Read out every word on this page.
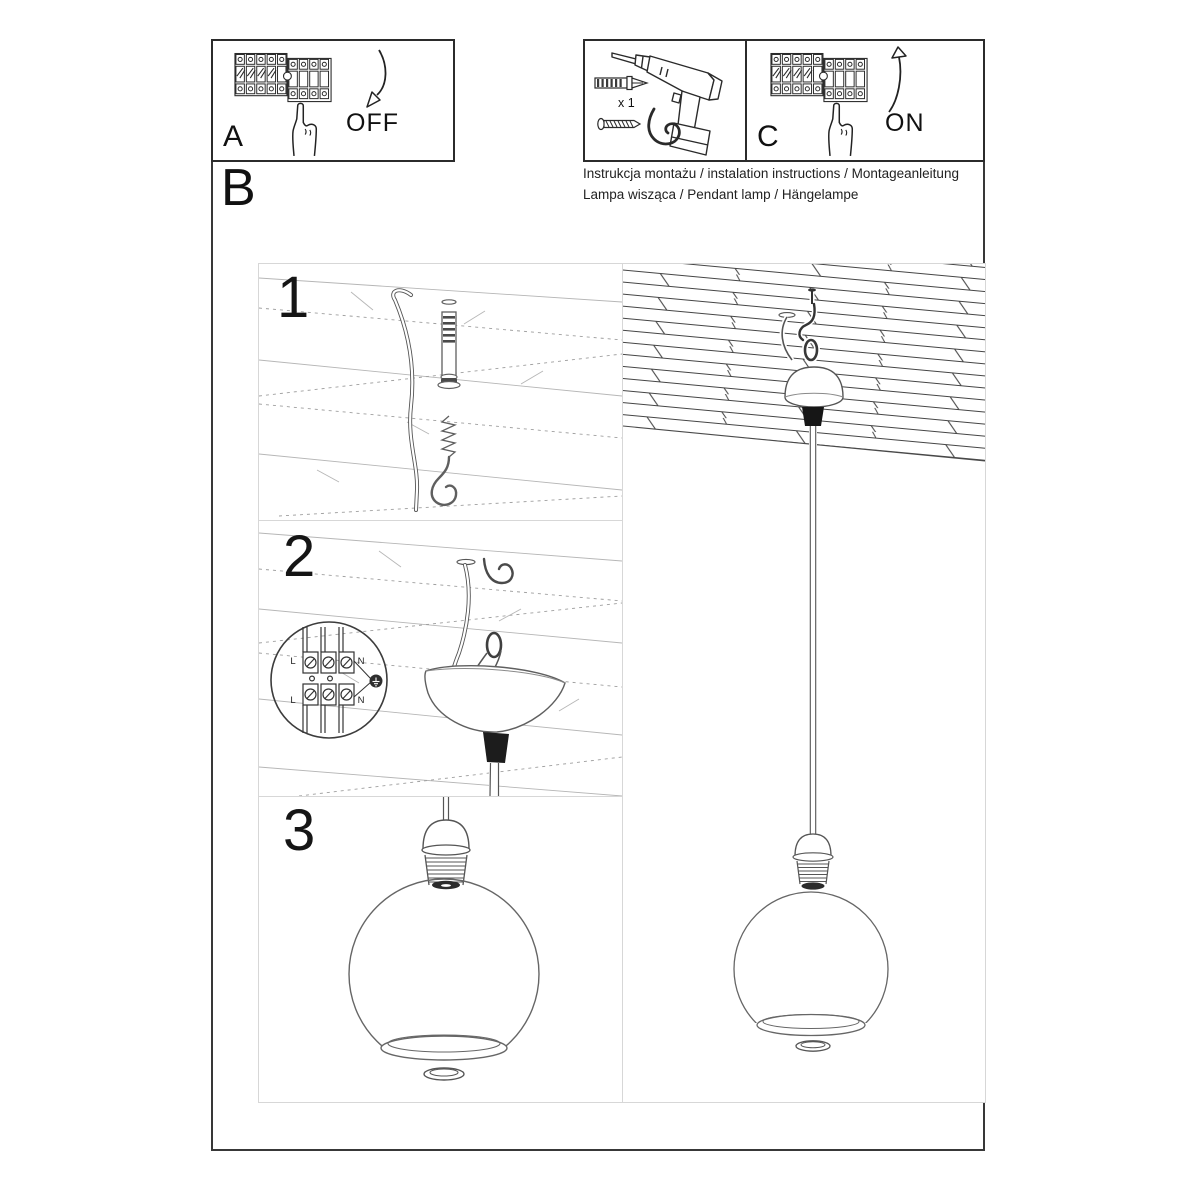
A	OFF
x 1
C	ON
Instrukcja montażu / instalation instructions / Montageanleitung
Lampa wisząca / Pendant lamp / Hängelampe
B
1
L	N
L	N
2
3
